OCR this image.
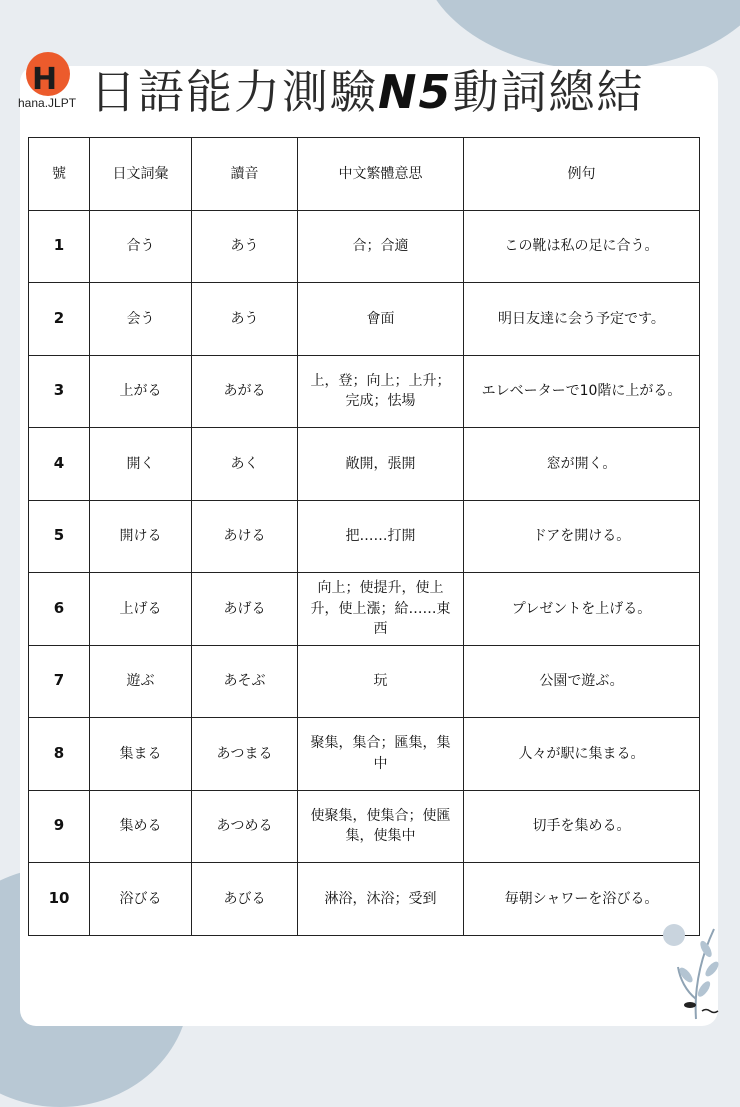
H
hana.JLPT 日語能力測驗N5動詞總結
號	日文詞彙	讀音	中文繁體意思	例句
1	合う	あう	合；合適	この靴は私の足に合う。
2	会う	あう	會面	明日友達に会う予定です。
3	上がる	あがる	上，登；向上；上升；完成；怯場	エレベーターで10階に上がる。
4	開く	あく	敞開，張開	窓が開く。
5	開ける	あける	把……打開	ドアを開ける。
6	上げる	あげる	向上；使提升，使上升，使上漲；給……東西	プレゼントを上げる。
7	遊ぶ	あそぶ	玩	公園で遊ぶ。
8	集まる	あつまる	聚集，集合；匯集，集中	人々が駅に集まる。
9	集める	あつめる	使聚集，使集合；使匯集，使集中	切手を集める。
10	浴びる	あびる	淋浴，沐浴；受到	毎朝シャワーを浴びる。
